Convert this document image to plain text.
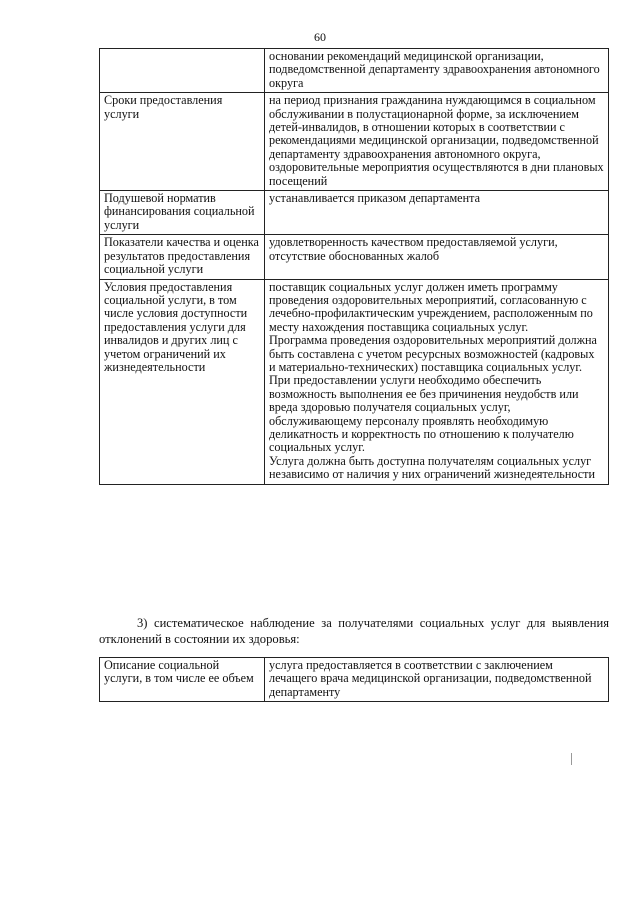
60
	основании рекомендаций медицинской организации, подведомственной департаменту здравоохранения автономного округа
Сроки предоставления услуги	на период признания гражданина нуждающимся в социальном обслуживании в полустационарной форме, за исключением детей-инвалидов, в отношении которых в соответствии с рекомендациями медицинской организации, подведомственной департаменту здравоохранения автономного округа, оздоровительные мероприятия осуществляются в дни плановых посещений
Подушевой норматив финансирования социальной услуги	устанавливается приказом департамента
Показатели качества и оценка результатов предоставления социальной услуги	удовлетворенность качеством предоставляемой услуги, отсутствие обоснованных жалоб
Условия предоставления социальной услуги, в том числе условия доступности предоставления услуги для инвалидов и других лиц с учетом ограничений их жизнедеятельности	поставщик социальных услуг должен иметь программу проведения оздоровительных мероприятий, согласованную с лечебно-профилактическим учреждением, расположенным по месту нахождения поставщика социальных услуг.
Программа проведения оздоровительных мероприятий должна быть составлена с учетом ресурсных возможностей (кадровых и материально-технических) поставщика социальных услуг.
При предоставлении услуги необходимо обеспечить возможность выполнения ее без причинения неудобств или вреда здоровью получателя социальных услуг, обслуживающему персоналу проявлять необходимую деликатность и корректность по отношению к получателю социальных услуг.
Услуга должна быть доступна получателям социальных услуг независимо от наличия у них ограничений жизнедеятельности
3) систематическое наблюдение за получателями социальных услуг для выявления отклонений в состоянии их здоровья:
Описание социальной услуги, в том числе ее объем	услуга предоставляется в соответствии с заключением лечащего врача медицинской организации, подведомственной департаменту
